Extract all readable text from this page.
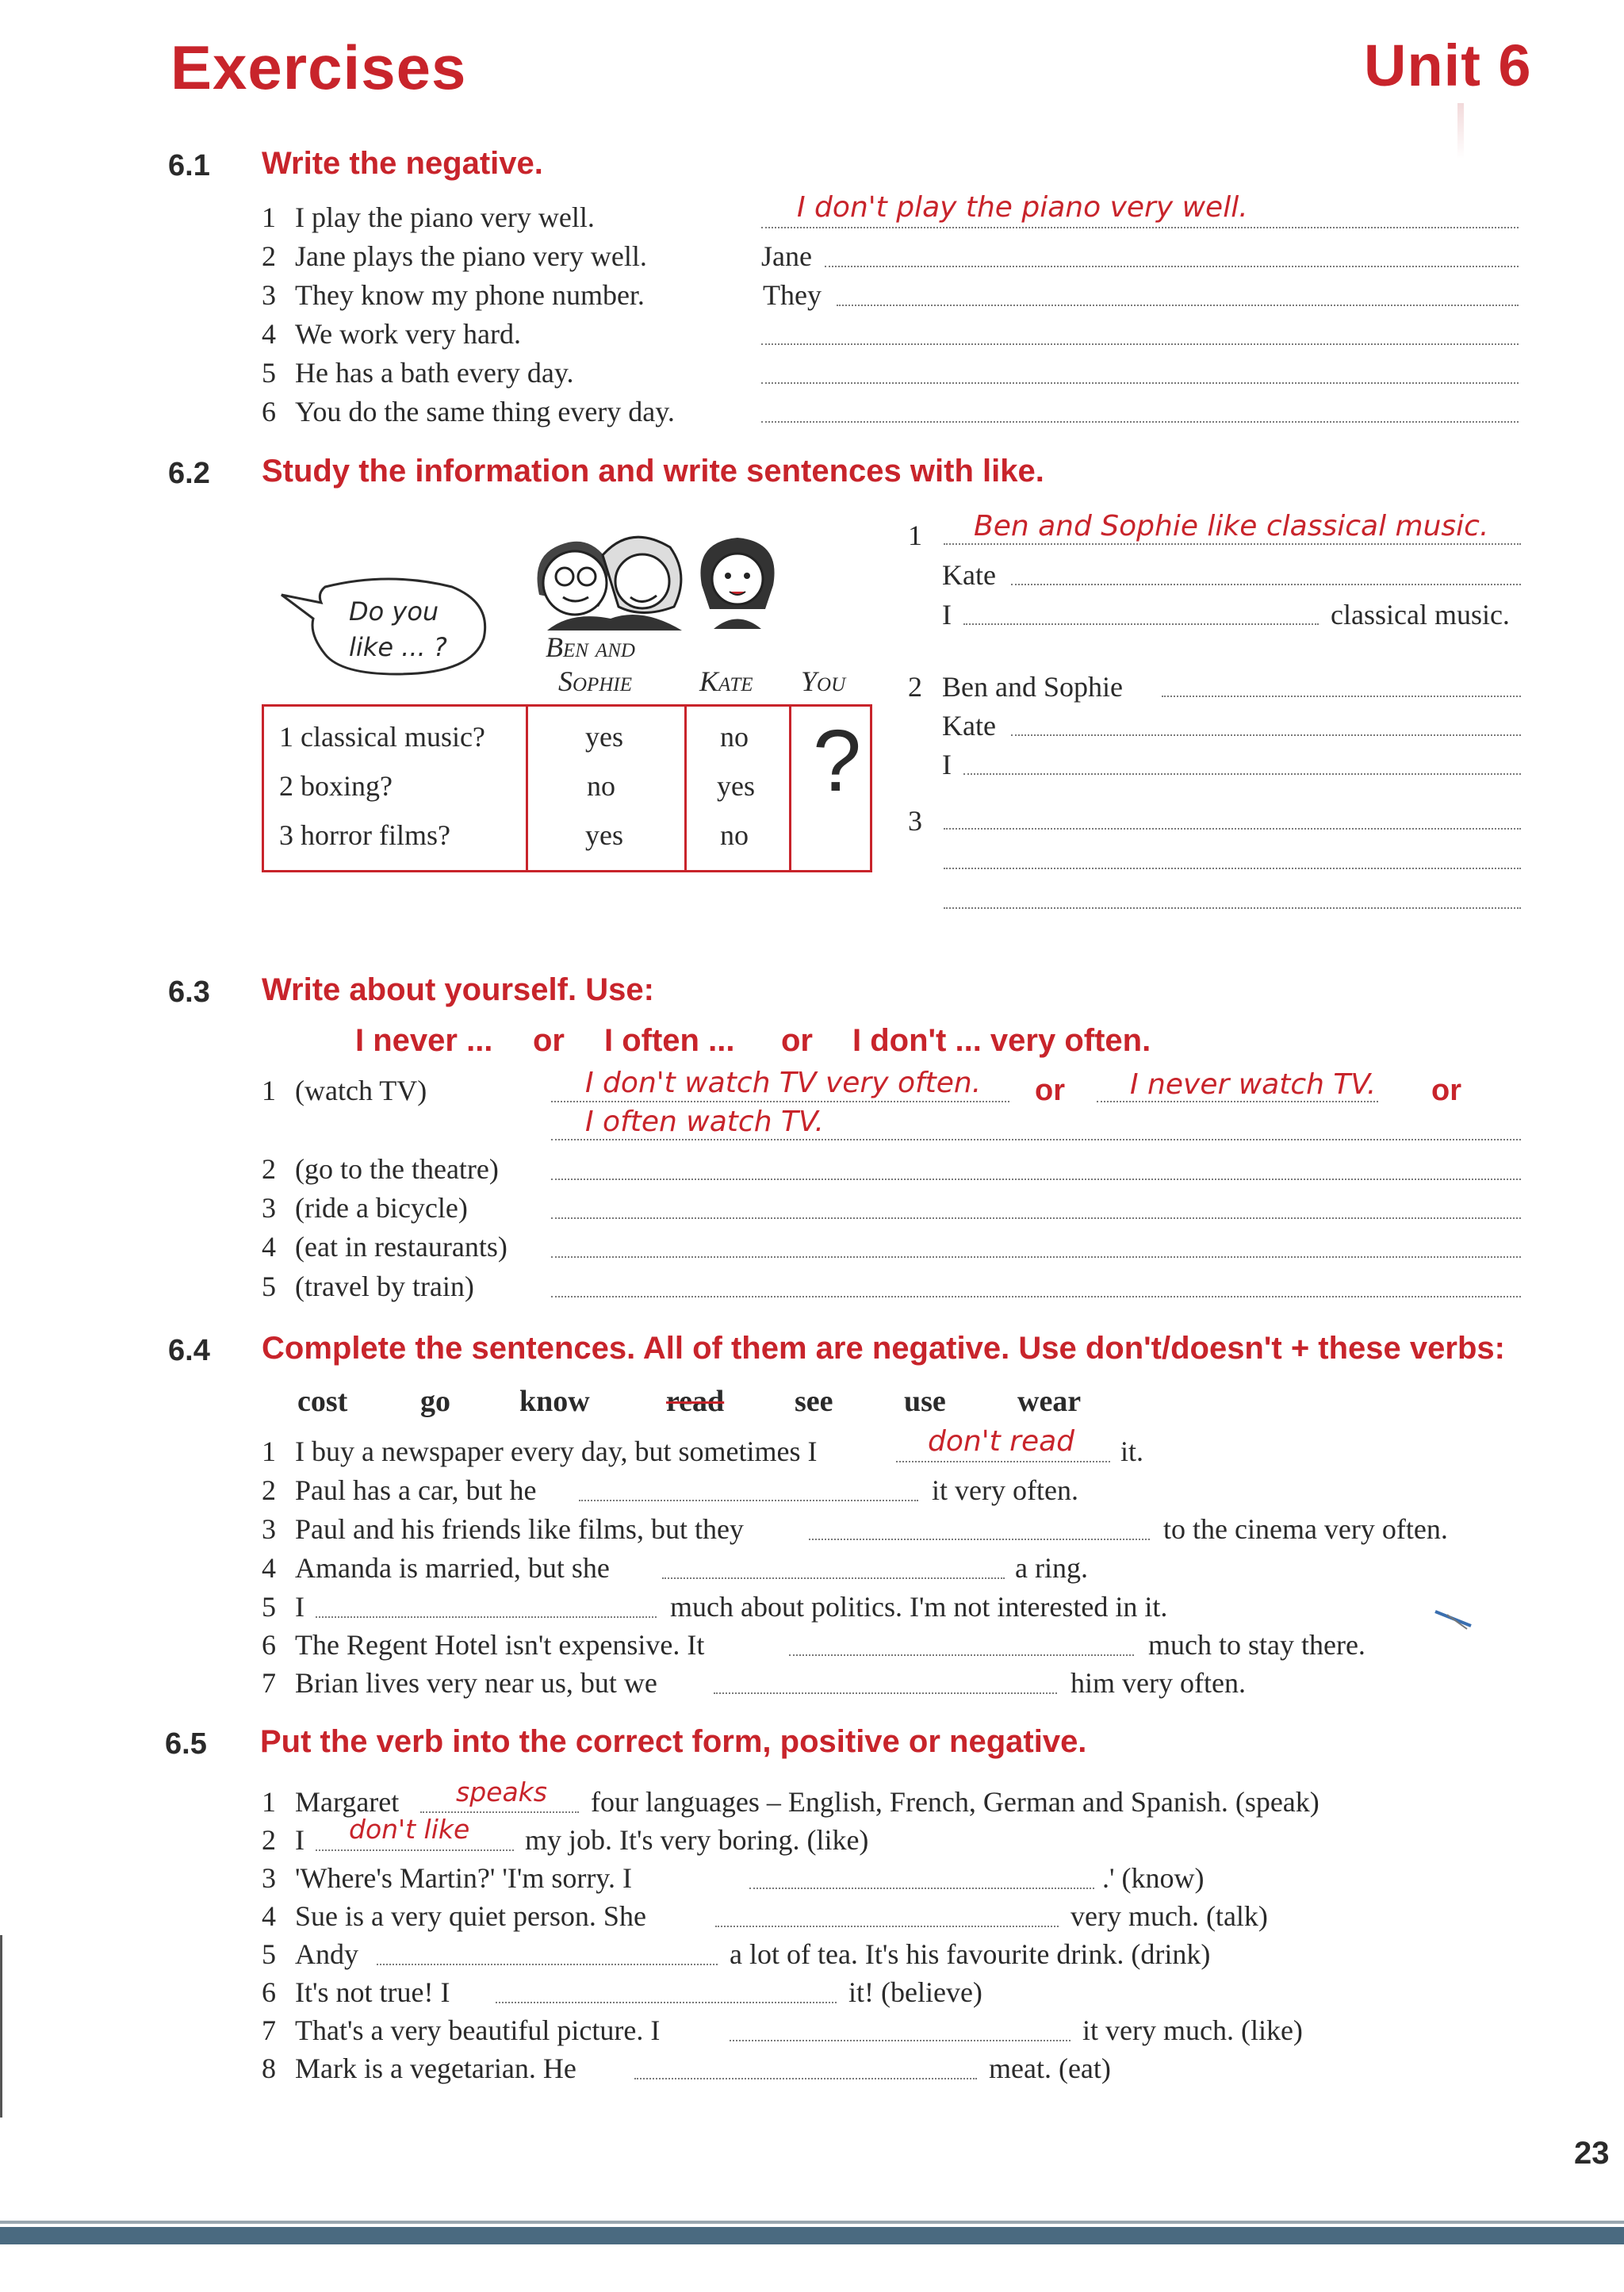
Exercises	Unit 6
6.1 Write the negative.
1 I play the piano very well.	I don't play the piano very well.
2 Jane plays the piano very well.	Jane
3 They know my phone number.	They
4 We work very hard.
5 He has a bath every day.
6 You do the same thing every day.
6.2 Study the information and write sentences with like.
Do you
like ... ?	Ben and
Sophie Kate You
1 classical music?	yes	no
2 boxing?	no	yes
3 horror films?	yes	no
?
1 Ben and Sophie like classical music.
Kate
I	classical music.
2 Ben and Sophie
Kate
I
3
6.3 Write about yourself. Use:
I never ... or I often ... or I don't ... very often.
1 (watch TV)	I don't watch TV very often. or I never watch TV. or
I often watch TV.
2 (go to the theatre)
3 (ride a bicycle)
4 (eat in restaurants)
5 (travel by train)
6.4 Complete the sentences. All of them are negative. Use don't/doesn't + these verbs:
cost go know	read see use wear
1 I buy a newspaper every day, but sometimes I	don't read it.
2 Paul has a car, but he	it very often.
3 Paul and his friends like films, but they	to the cinema very often.
4 Amanda is married, but she	a ring.
5 I	much about politics. I'm not interested in it.
6 The Regent Hotel isn't expensive. It	much to stay there.
7 Brian lives very near us, but we	him very often.
6.5 Put the verb into the correct form, positive or negative.
1 Margaret speaks four languages – English, French, German and Spanish. (speak)
2 I don't like my job. It's very boring. (like)
3 'Where's Martin?' 'I'm sorry. I	.' (know)
4 Sue is a very quiet person. She	very much. (talk)
5 Andy	a lot of tea. It's his favourite drink. (drink)
6 It's not true! I	it! (believe)
7 That's a very beautiful picture. I	it very much. (like)
8 Mark is a vegetarian. He	meat. (eat)
23
